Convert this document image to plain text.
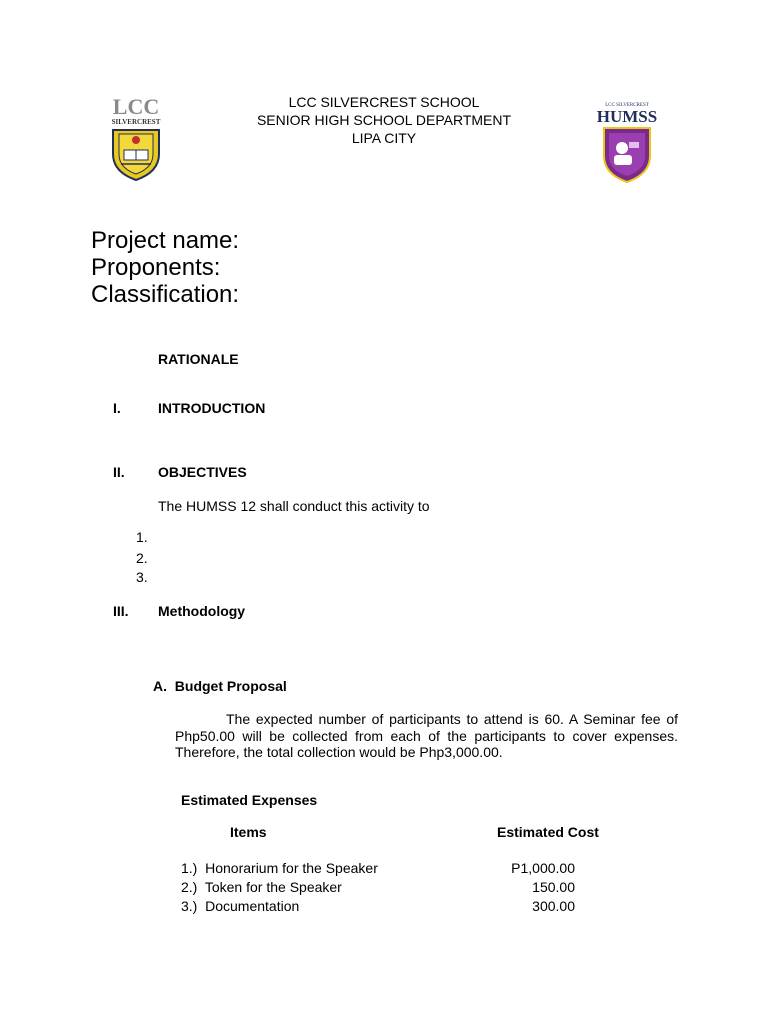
LCC
SILVERCREST
LCC SILVERCREST SCHOOL
SENIOR HIGH SCHOOL DEPARTMENT
LIPA CITY
LCC SILVERCREST
HUMSS
Project name:
Proponents:
Classification:
RATIONALE
I.	INTRODUCTION
II. OBJECTIVES
The HUMSS 12 shall conduct this activity to
1.
2.
3.
III. Methodology
A.  Budget Proposal
The expected number of participants to attend is 60. A Seminar fee of Php50.00 will be collected from each of the participants to cover expenses. Therefore, the total collection would be Php3,000.00.
Estimated Expenses
Items	Estimated Cost
1.)  Honorarium for the Speaker	P1,000.00
2.)  Token for the Speaker	150.00
3.)  Documentation	300.00
